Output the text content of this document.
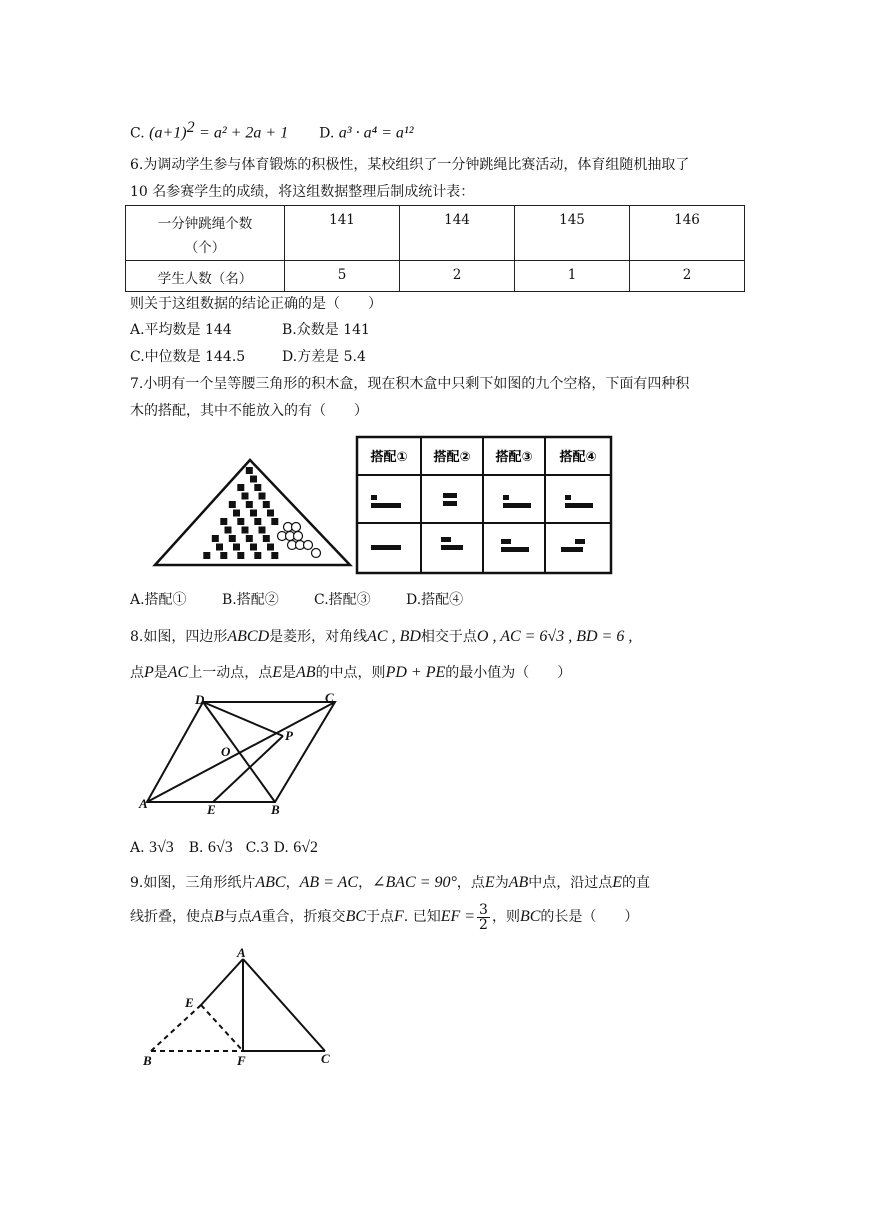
C. $(a+1)^2 = a^2 + 2a + 1$ D. a³ · a⁴ = a¹²
6.为调动学生参与体育锻炼的积极性，某校组织了一分钟跳绳比赛活动，体育组随机抽取了
10 名参赛学生的成绩，将这组数据整理后制成统计表：
一分钟跳绳个数
（个）	141	144	145	146
学生人数（名）	5	2	1	2
则关于这组数据的结论正确的是（　　）
A.平均数是 144	B.众数是 141
C.中位数是 144.5	D.方差是 5.4
7.小明有一个呈等腰三角形的积木盒，现在积木盒中只剩下如图的九个空格，下面有四种积
木的搭配，其中不能放入的有（　　）
搭配① 搭配② 搭配③ 搭配④
A.搭配①	B.搭配②	C.搭配③	D.搭配④
8.如图，四边形ABCD是菱形，对角线AC , BD相交于点O , AC = 6√3 , BD = 6 ,
点P是AC上一动点，点E是AB的中点，则PD + PE的最小值为（　　）
D	C
O
P
A	E	B
A. 3√3 B. 6√3 C.3 D. 6√2
9.如图，三角形纸片ABC，AB = AC，∠BAC = 90°，点E为AB中点，沿过点E的直
线折叠，使点B与点A重合，折痕交BC于点F. 已知EF = $\frac{3}{2}$ ，则BC的长是（　　）
A
E
B	F	C
